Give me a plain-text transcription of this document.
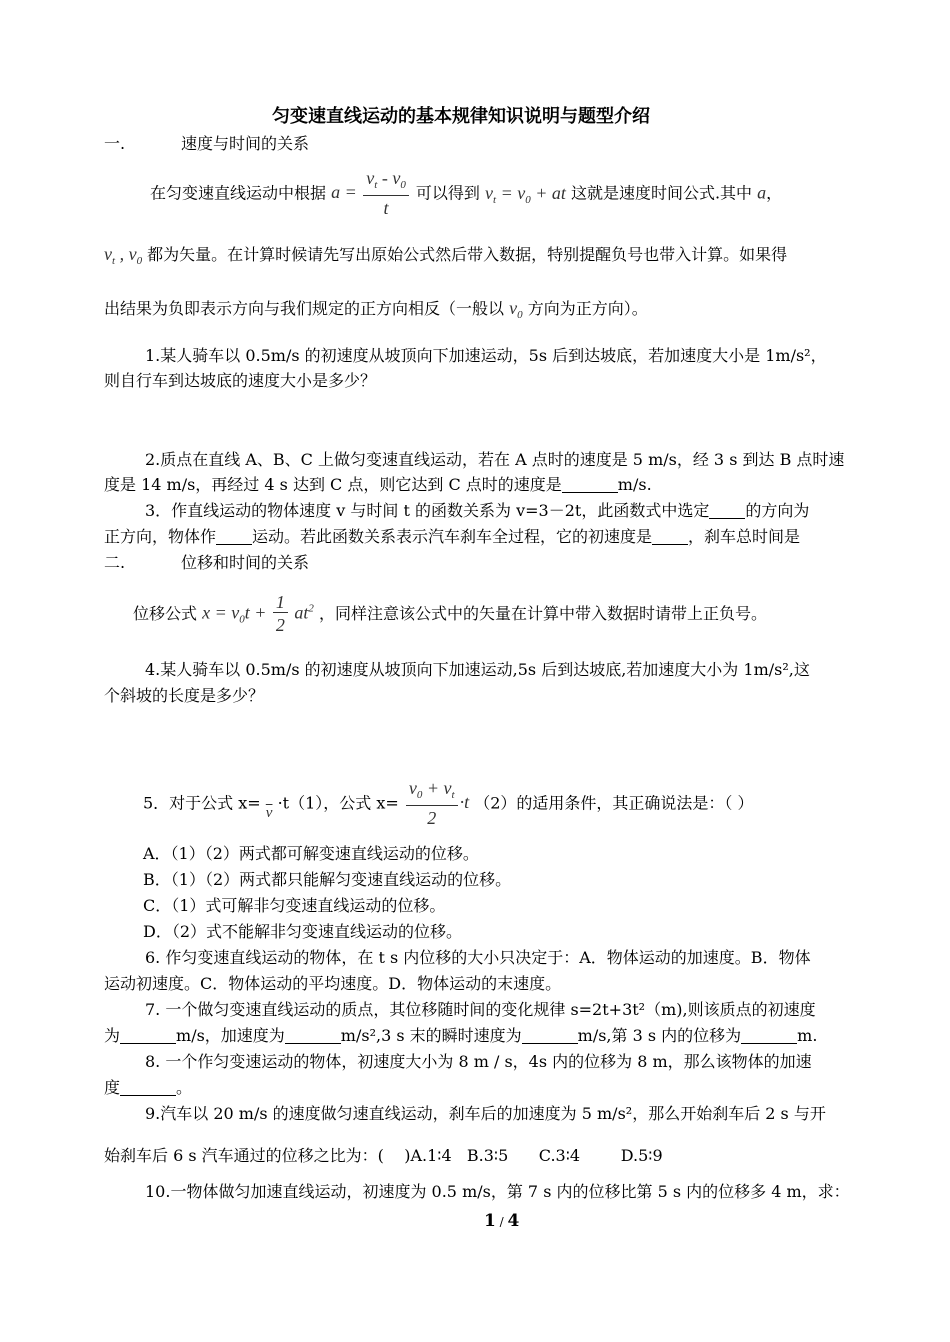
匀变速直线运动的基本规律知识说明与题型介绍
一.	速度与时间的关系
在匀变速直线运动中根据 $a = \frac{v_t - v_0}{t}$ 可以得到 $v_t = v_0$ + at 这就是速度时间公式.其中 a，
$v_t$ , $v_0$ 都为矢量。在计算时候请先写出原始公式然后带入数据，特别提醒负号也带入计算。如果得
出结果为负即表示方向与我们规定的正方向相反（一般以 $v_0$ 方向为正方向）。
1.某人骑车以 0.5m/s 的初速度从坡顶向下加速运动，5s 后到达坡底，若加速度大小是 1m/s²，
则自行车到达坡底的速度大小是多少？
2.质点在直线 A、B、C 上做匀变速直线运动，若在 A 点时的速度是 5 m/s，经 3 s 到达 B 点时速
度是 14 m/s，再经过 4 s 达到 C 点，则它达到 C 点时的速度是	m/s.
3．作直线运动的物体速度 v 与时间 t 的函数关系为 v=3－2t，此函数式中选定 的方向为
正方向，物体作 运动。若此函数关系表示汽车刹车全过程，它的初速度是 ，刹车总时间是
二.	位移和时间的关系
位移公式 $x = v_0t + \frac{1}{2} at^2$ ，同样注意该公式中的矢量在计算中带入数据时请带上正负号。
4.某人骑车以 0.5m/s 的初速度从坡顶向下加速运动,5s 后到达坡底,若加速度大小为 1m/s²,这
个斜坡的长度是多少？
5．对于公式 $x= \overline{v} \cdot t(1)$，公式 $x= \frac{v_0 + v_t}{2} \cdot t$ （2）的适用条件，其正确说法是：（ ）
A．（1）（2）两式都可解变速直线运动的位移。
B．（1）（2）两式都只能解匀变速直线运动的位移。
C．（1）式可解非匀变速直线运动的位移。
D．（2）式不能解非匀变速直线运动的位移。
6. 作匀变速直线运动的物体，在 t s 内位移的大小只决定于：A．物体运动的加速度。B．物体
运动初速度。C．物体运动的平均速度。D．物体运动的末速度。
7. 一个做匀变速直线运动的质点，其位移随时间的变化规律 s=2t+3t²（m),则该质点的初速度
为	m/s，加速度为	m/s²,3 s 末的瞬时速度为	m/s,第 3 s 内的位移为	m.
8. 一个作匀变速运动的物体，初速度大小为 8 m / s，4s 内的位移为 8 m，那么该物体的加速
度	。
9.汽车以 20 m/s 的速度做匀速直线运动，刹车后的加速度为 5 m/s²，那么开始刹车后 2 s 与开
始刹车后 6 s 汽车通过的位移之比为：(    )A.1∶4   B.3∶5      C.3∶4        D.5∶9
10.一物体做匀加速直线运动，初速度为 0.5 m/s，第 7 s 内的位移比第 5 s 内的位移多 4 m，求：
1 / 4
